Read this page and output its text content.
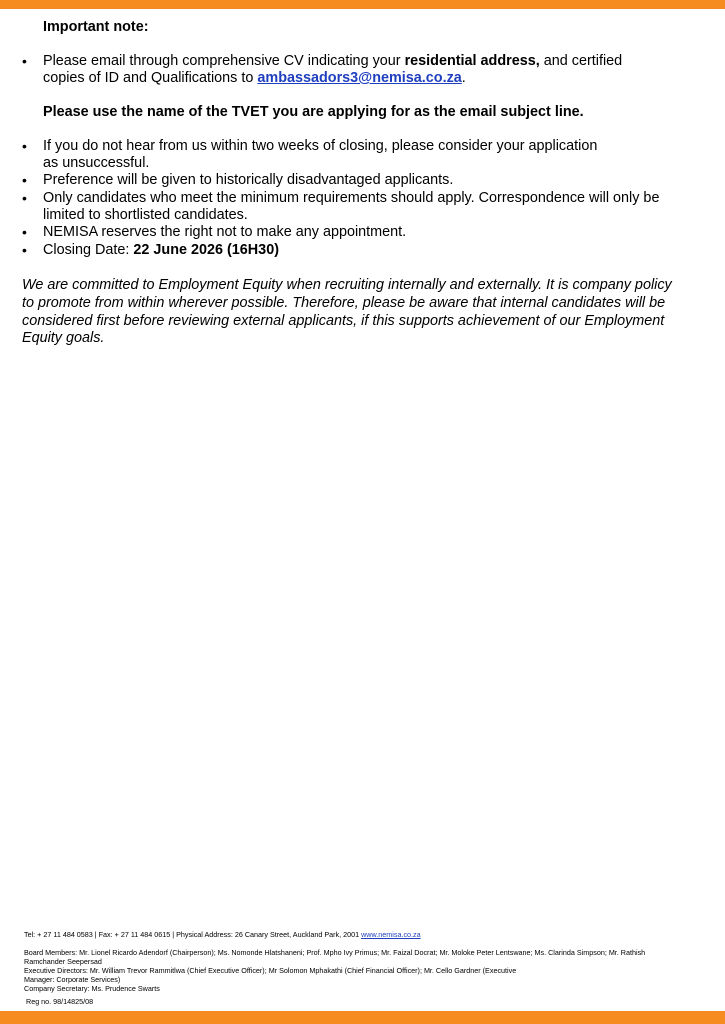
Important note:

• Please email through comprehensive CV indicating your residential address, and certified
copies of ID and Qualifications to ambassadors3@nemisa.co.za.
Please use the name of the TVET you are applying for as the email subject line.
• If you do not hear from us within two weeks of closing, please consider your application
as unsuccessful.
• Preference will be given to historically disadvantaged applicants.
• Only candidates who meet the minimum requirements should apply. Correspondence will only be
limited to shortlisted candidates.
• NEMISA reserves the right not to make any appointment.
• Closing Date: 22 June 2026 (16H30)
We are committed to Employment Equity when recruiting internally and externally. It is company policy
to promote from within wherever possible. Therefore, please be aware that internal candidates will be
considered first before reviewing external applicants, if this supports achievement of our Employment
Equity goals.
Tel: + 27 11 484 0583 | Fax: + 27 11 484 0615 | Physical Address: 26 Canary Street, Auckland Park, 2001 www.nemisa.co.za
Board Members: Mr. Lionel Ricardo Adendorf (Chairperson); Ms. Nomonde Hlatshaneni; Prof. Mpho Ivy Primus; Mr. Faizal Docrat; Mr. Moloke Peter Lentswane; Ms. Clarinda Simpson; Mr. Rathish
Ramchander Seepersad
Executive Directors: Mr. William Trevor Rammitlwa (Chief Executive Officer); Mr Solomon Mphakathi (Chief Financial Officer); Mr. Cello Gardner (Executive
Manager: Corporate Services)
Company Secretary: Ms. Prudence Swarts
Reg no. 98/14825/08
